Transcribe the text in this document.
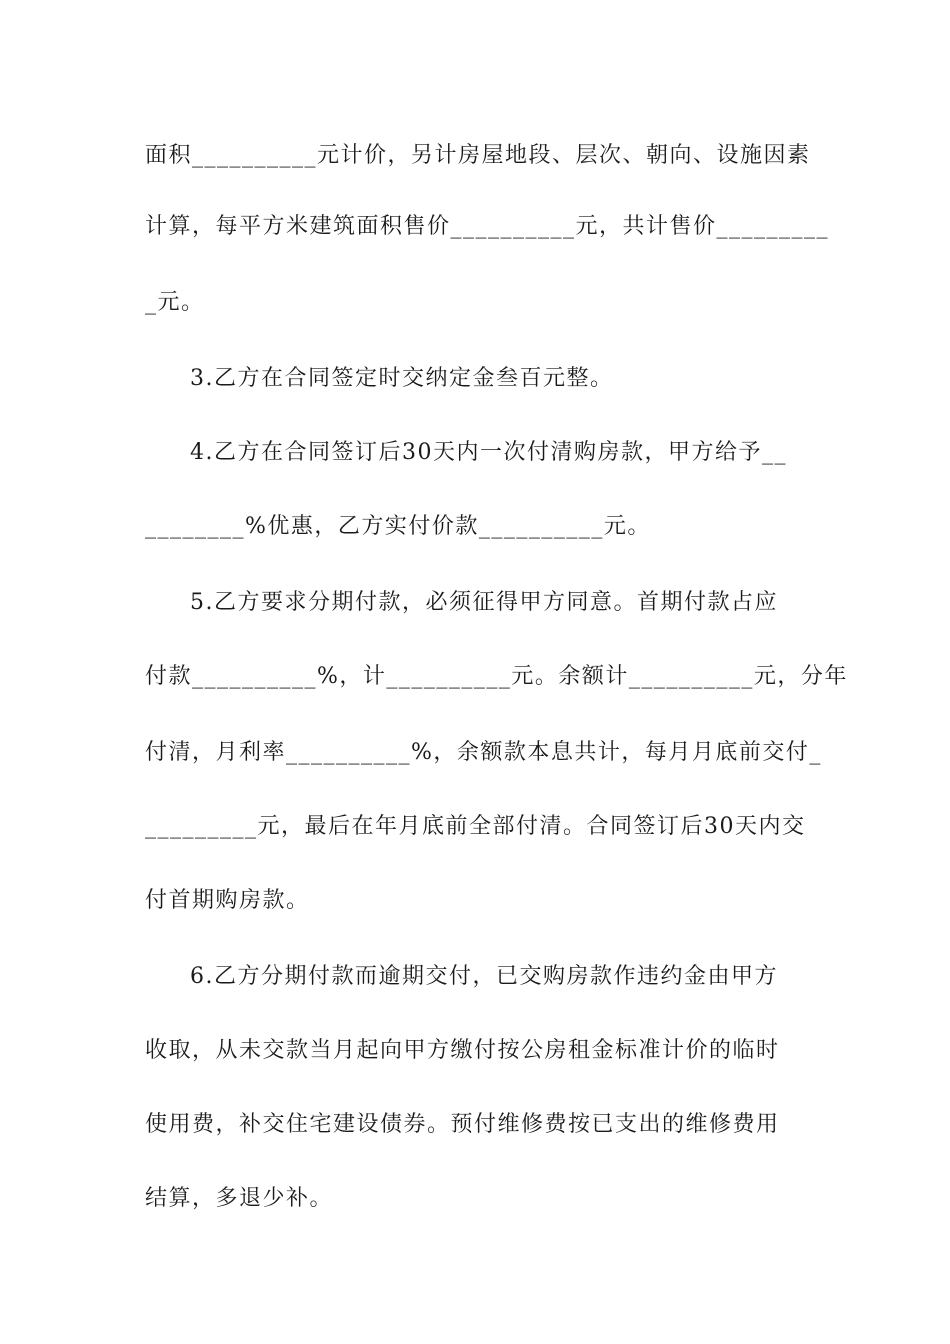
面积__________元计价，另计房屋地段、层次、朝向、设施因素
计算，每平方米建筑面积售价__________元，共计售价_________
_元。
3.乙方在合同签定时交纳定金叁百元整。
4.乙方在合同签订后30天内一次付清购房款，甲方给予__
________%优惠，乙方实付价款__________元。
5.乙方要求分期付款，必须征得甲方同意。首期付款占应
付款__________%，计__________元。余额计__________元，分年
付清，月利率__________%，余额款本息共计，每月月底前交付_
_________元，最后在年月底前全部付清。合同签订后30天内交
付首期购房款。
6.乙方分期付款而逾期交付，已交购房款作违约金由甲方
收取，从未交款当月起向甲方缴付按公房租金标准计价的临时
使用费，补交住宅建设债券。预付维修费按已支出的维修费用
结算，多退少补。
